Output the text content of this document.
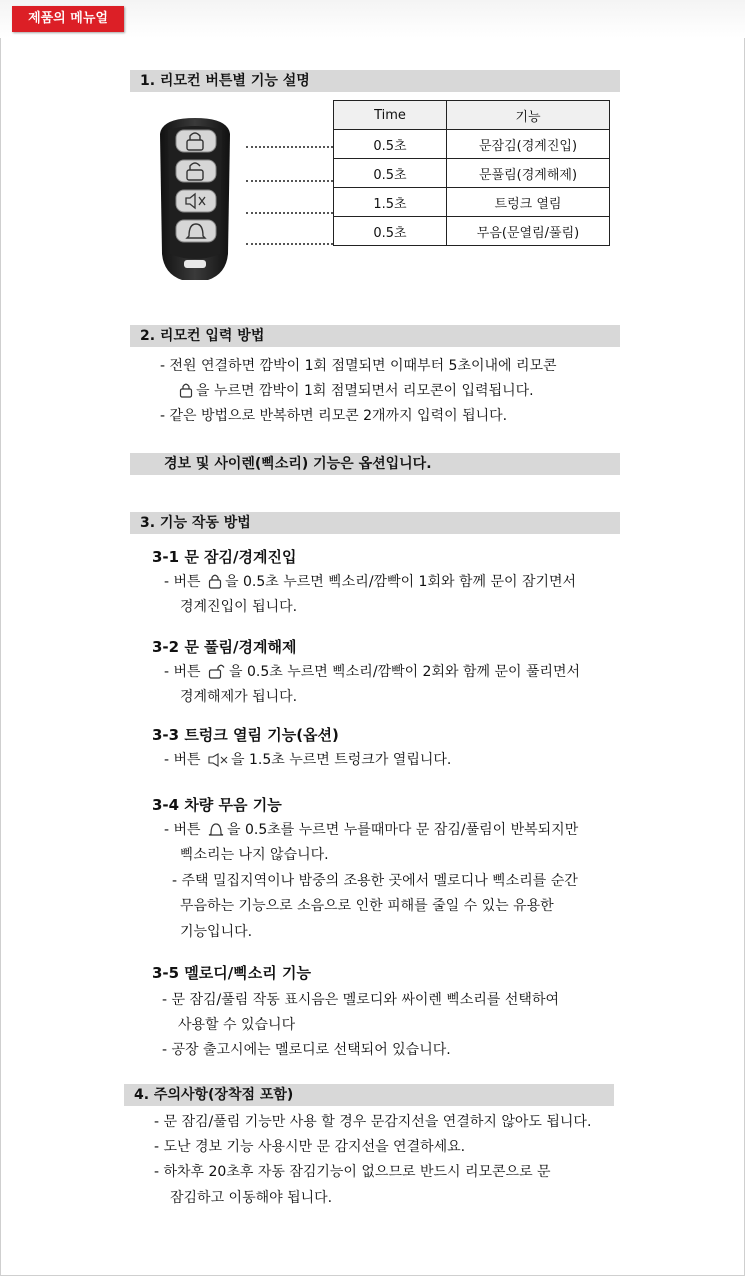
제품의 메뉴얼
1. 리모컨 버튼별 기능 설명
Time	기능
0.5초	문잠김(경계진입)
0.5초	문풀림(경계해제)
1.5초	트렁크 열림
0.5초	무음(문열림/풀림)
2. 리모컨 입력 방법
- 전원 연결하면 깜박이 1회 점멸되면 이때부터 5초이내에 리모콘
을 누르면 깜박이 1회 점멸되면서 리모콘이 입력됩니다.
- 같은 방법으로 반복하면 리모콘 2개까지 입력이 됩니다.
경보 및 사이렌(삑소리) 기능은 옵션입니다.
3. 기능 작동 방법
3-1 문 잠김/경계진입
- 버튼 을 0.5초 누르면 삑소리/깜빡이 1회와 함께 문이 잠기면서
경계진입이 됩니다.
3-2 문 풀림/경계해제
- 버튼 을 0.5초 누르면 삑소리/깜빡이 2회와 함께 문이 풀리면서
경계해제가 됩니다.
3-3 트렁크 열림 기능(옵션)
- 버튼 을 1.5초 누르면 트렁크가 열립니다.
3-4 차량 무음 기능
- 버튼 을 0.5초를 누르면 누를때마다 문 잠김/풀림이 반복되지만
삑소리는 나지 않습니다.
- 주택 밀집지역이나 밤중의 조용한 곳에서 멜로디나 삑소리를 순간
무음하는 기능으로 소음으로 인한 피해를 줄일 수 있는 유용한
기능입니다.
3-5 멜로디/삑소리 기능
- 문 잠김/풀림 작동 표시음은 멜로디와 싸이렌 삑소리를 선택하여
사용할 수 있습니다
- 공장 출고시에는 멜로디로 선택되어 있습니다.
4. 주의사항(장착점 포함)
- 문 잠김/풀림 기능만 사용 할 경우 문감지선을 연결하지 않아도 됩니다.
- 도난 경보 기능 사용시만 문 감지선을 연결하세요.
- 하차후 20초후 자동 잠김기능이 없으므로 반드시 리모콘으로 문
잠김하고 이동해야 됩니다.
